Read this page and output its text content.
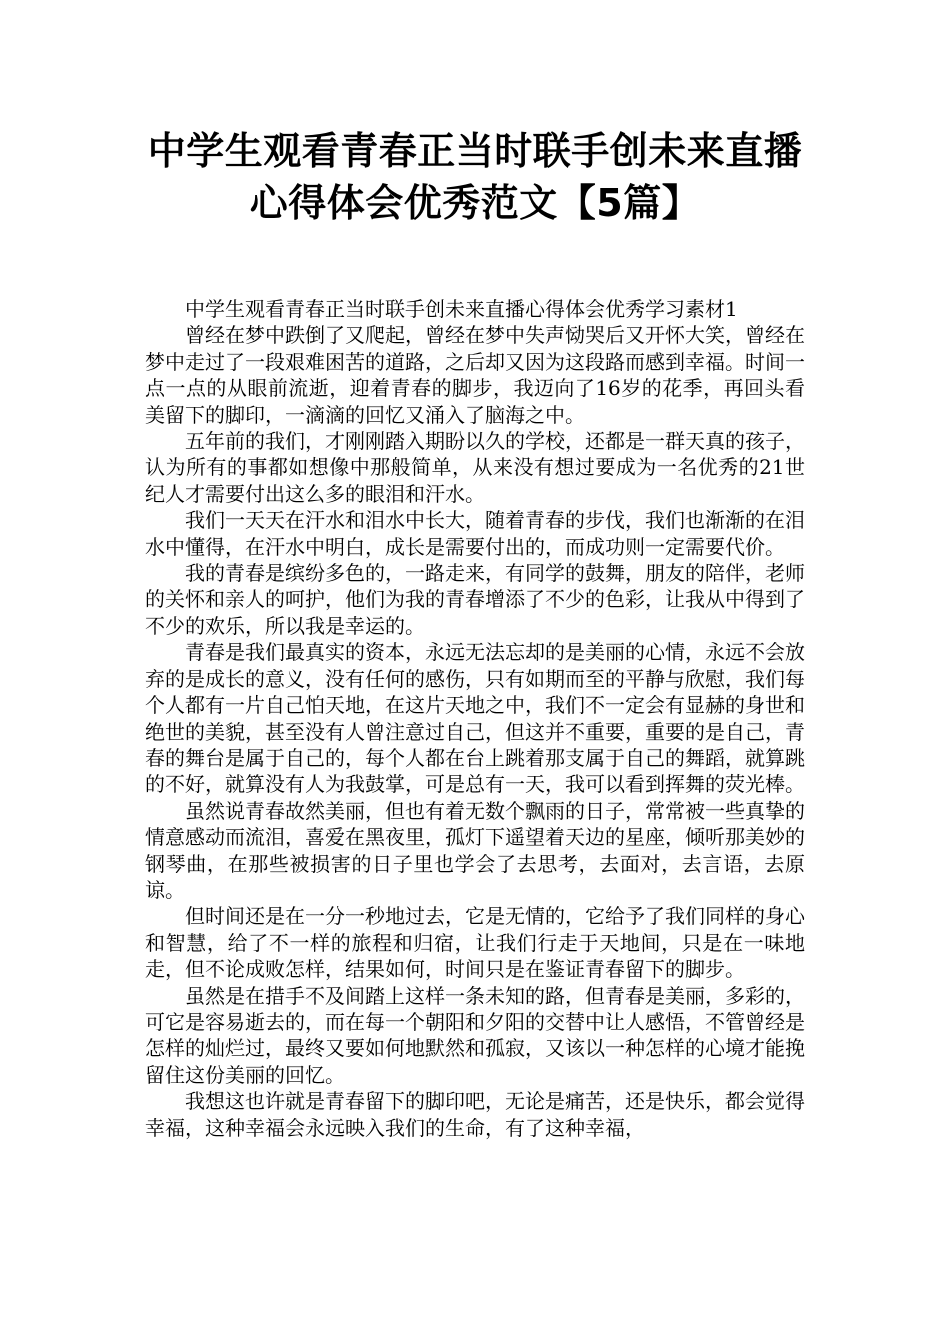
中学生观看青春正当时联手创未来直播
心得体会优秀范文【5篇】

中学生观看青春正当时联手创未来直播心得体会优秀学习素材1

曾经在梦中跌倒了又爬起，曾经在梦中失声恸哭后又开怀大笑，曾经在梦中走过了一段艰难困苦的道路，之后却又因为这段路而感到幸福。时间一点一点的从眼前流逝，迎着青春的脚步，我迈向了16岁的花季，再回头看美留下的脚印，一滴滴的回忆又涌入了脑海之中。

五年前的我们，才刚刚踏入期盼以久的学校，还都是一群天真的孩子，认为所有的事都如想像中那般简单，从来没有想过要成为一名优秀的21世纪人才需要付出这么多的眼泪和汗水。

我们一天天在汗水和泪水中长大，随着青春的步伐，我们也渐渐的在泪水中懂得，在汗水中明白，成长是需要付出的，而成功则一定需要代价。

我的青春是缤纷多色的，一路走来，有同学的鼓舞，朋友的陪伴，老师的关怀和亲人的呵护，他们为我的青春增添了不少的色彩，让我从中得到了不少的欢乐，所以我是幸运的。

青春是我们最真实的资本，永远无法忘却的是美丽的心情，永远不会放弃的是成长的意义，没有任何的感伤，只有如期而至的平静与欣慰，我们每个人都有一片自己怕天地，在这片天地之中，我们不一定会有显赫的身世和绝世的美貌，甚至没有人曾注意过自己，但这并不重要，重要的是自己，青春的舞台是属于自己的，每个人都在台上跳着那支属于自己的舞蹈，就算跳的不好，就算没有人为我鼓掌，可是总有一天，我可以看到挥舞的荧光棒。

虽然说青春故然美丽，但也有着无数个飘雨的日子，常常被一些真挚的情意感动而流泪，喜爱在黑夜里，孤灯下遥望着天边的星座，倾听那美妙的钢琴曲，在那些被损害的日子里也学会了去思考，去面对，去言语，去原谅。

但时间还是在一分一秒地过去，它是无情的，它给予了我们同样的身心和智慧，给了不一样的旅程和归宿，让我们行走于天地间，只是在一味地走，但不论成败怎样，结果如何，时间只是在鉴证青春留下的脚步。

虽然是在措手不及间踏上这样一条未知的路，但青春是美丽，多彩的，可它是容易逝去的，而在每一个朝阳和夕阳的交替中让人感悟，不管曾经是怎样的灿烂过，最终又要如何地默然和孤寂，又该以一种怎样的心境才能挽留住这份美丽的回忆。

我想这也许就是青春留下的脚印吧，无论是痛苦，还是快乐，都会觉得幸福，这种幸福会永远映入我们的生命，有了这种幸福，
